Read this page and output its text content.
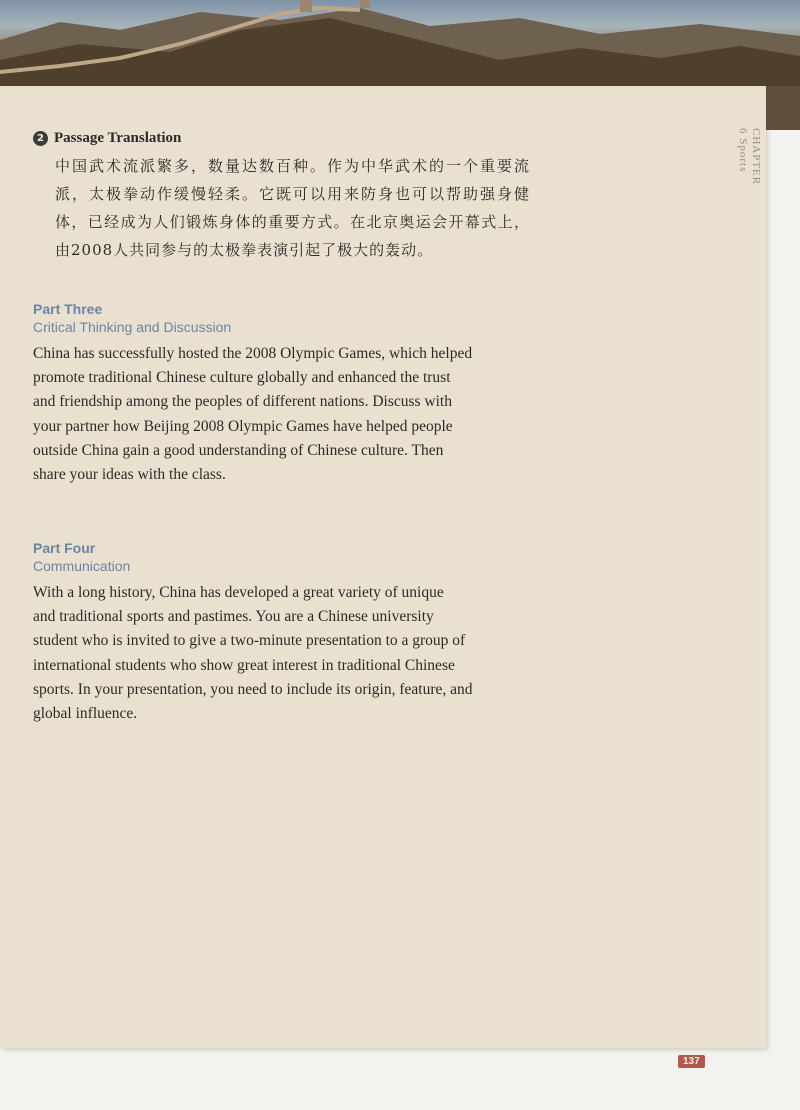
CHAPTER 6 Sports
2 Passage Translation
中国武术流派繁多，数量达数百种。作为中华武术的一个重要流派，太极拳动作缓慢轻柔。它既可以用来防身也可以帮助强身健体，已经成为人们锻炼身体的重要方式。在北京奥运会开幕式上，由2008人共同参与的太极拳表演引起了极大的轰动。
Part Three
Critical Thinking and Discussion
China has successfully hosted the 2008 Olympic Games, which helped
promote traditional Chinese culture globally and enhanced the trust
and friendship among the peoples of different nations. Discuss with
your partner how Beijing 2008 Olympic Games have helped people
outside China gain a good understanding of Chinese culture. Then
share your ideas with the class.
Part Four
Communication
With a long history, China has developed a great variety of unique
and traditional sports and pastimes. You are a Chinese university
student who is invited to give a two-minute presentation to a group of
international students who show great interest in traditional Chinese
sports. In your presentation, you need to include its origin, feature, and
global influence.
137
